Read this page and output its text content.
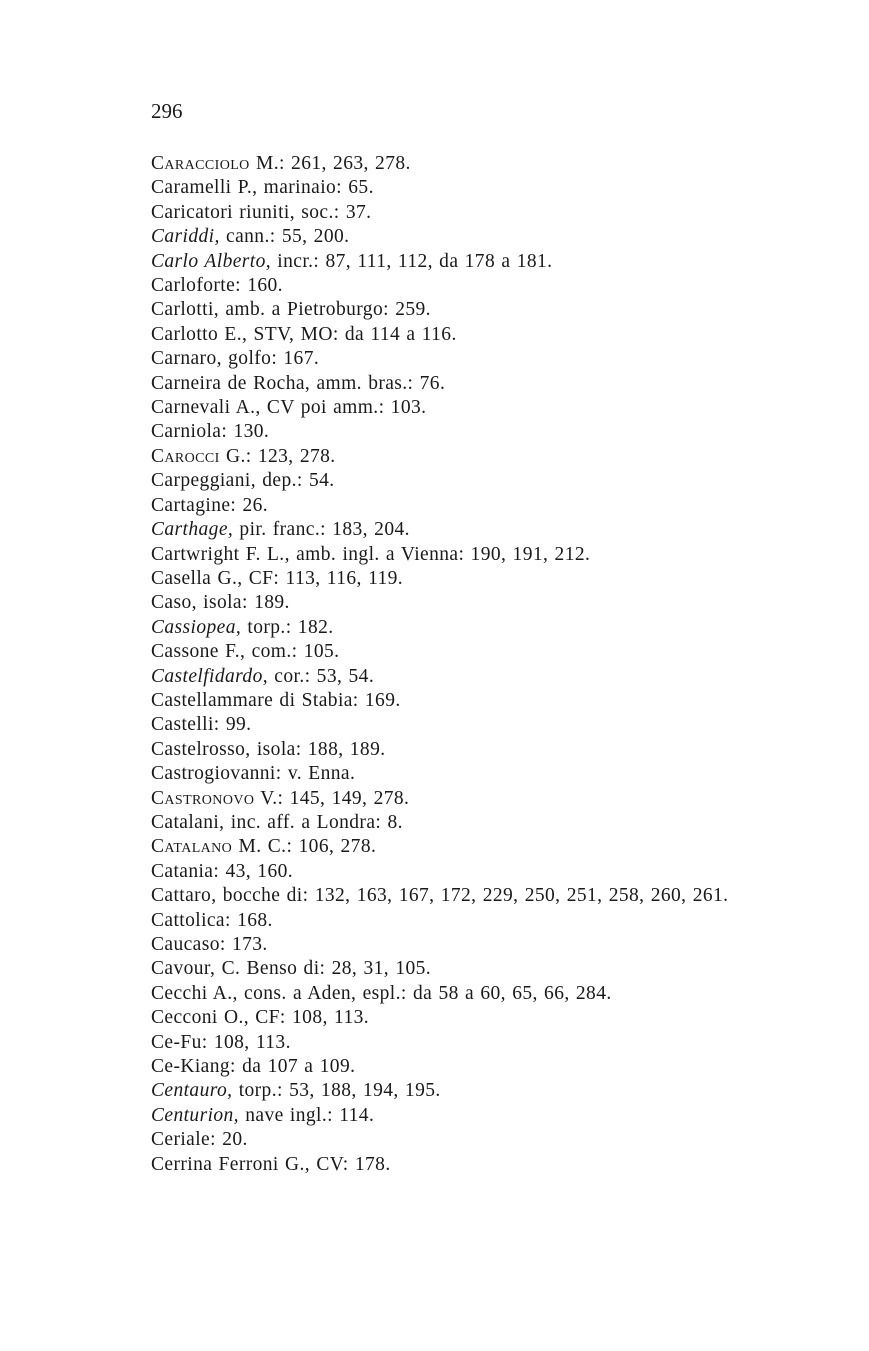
296
Caracciolo M.: 261, 263, 278.
Caramelli P., marinaio: 65.
Caricatori riuniti, soc.: 37.
Cariddi, cann.: 55, 200.
Carlo Alberto, incr.: 87, 111, 112, da 178 a 181.
Carloforte: 160.
Carlotti, amb. a Pietroburgo: 259.
Carlotto E., STV, MO: da 114 a 116.
Carnaro, golfo: 167.
Carneira de Rocha, amm. bras.: 76.
Carnevali A., CV poi amm.: 103.
Carniola: 130.
Carocci G.: 123, 278.
Carpeggiani, dep.: 54.
Cartagine: 26.
Carthage, pir. franc.: 183, 204.
Cartwright F. L., amb. ingl. a Vienna: 190, 191, 212.
Casella G., CF: 113, 116, 119.
Caso, isola: 189.
Cassiopea, torp.: 182.
Cassone F., com.: 105.
Castelfidardo, cor.: 53, 54.
Castellammare di Stabia: 169.
Castelli: 99.
Castelrosso, isola: 188, 189.
Castrogiovanni: v. Enna.
Castronovo V.: 145, 149, 278.
Catalani, inc. aff. a Londra: 8.
Catalano M. C.: 106, 278.
Catania: 43, 160.
Cattaro, bocche di: 132, 163, 167, 172, 229, 250, 251, 258, 260, 261.
Cattolica: 168.
Caucaso: 173.
Cavour, C. Benso di: 28, 31, 105.
Cecchi A., cons. a Aden, espl.: da 58 a 60, 65, 66, 284.
Cecconi O., CF: 108, 113.
Ce-Fu: 108, 113.
Ce-Kiang: da 107 a 109.
Centauro, torp.: 53, 188, 194, 195.
Centurion, nave ingl.: 114.
Ceriale: 20.
Cerrina Ferroni G., CV: 178.
